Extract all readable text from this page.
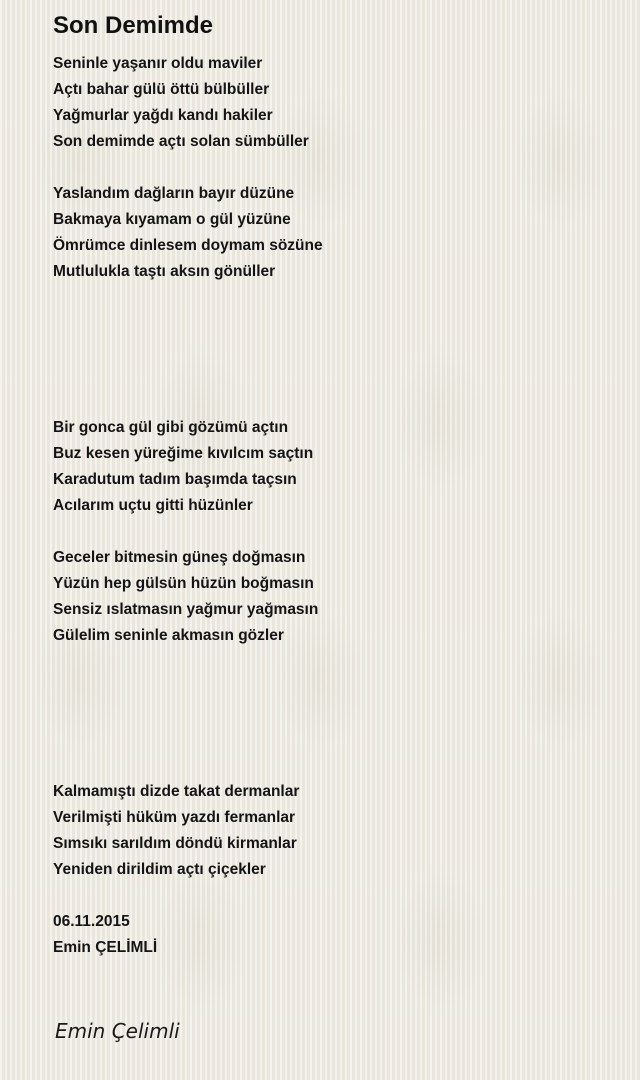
Son Demimde
Seninle yaşanır oldu maviler
Açtı bahar gülü öttü bülbüller
Yağmurlar yağdı kandı hakiler
Son demimde açtı solan sümbüller
Yaslandım dağların bayır düzüne
Bakmaya kıyamam o gül yüzüne
Ömrümce dinlesem doymam sözüne
Mutlulukla taştı aksın gönüller
Bir gonca gül gibi gözümü açtın
Buz kesen yüreğime kıvılcım saçtın
Karadutum tadım başımda taçsın
Acılarım uçtu gitti hüzünler
Geceler bitmesin güneş doğmasın
Yüzün hep gülsün hüzün boğmasın
Sensiz ıslatmasın yağmur yağmasın
Gülelim seninle akmasın gözler
Kalmamıştı dizde takat dermanlar
Verilmişti hüküm yazdı fermanlar
Sımsıkı sarıldım döndü kirmanlar
Yeniden dirildim açtı çiçekler
06.11.2015
Emin ÇELİMLİ
Emin Çelimli
